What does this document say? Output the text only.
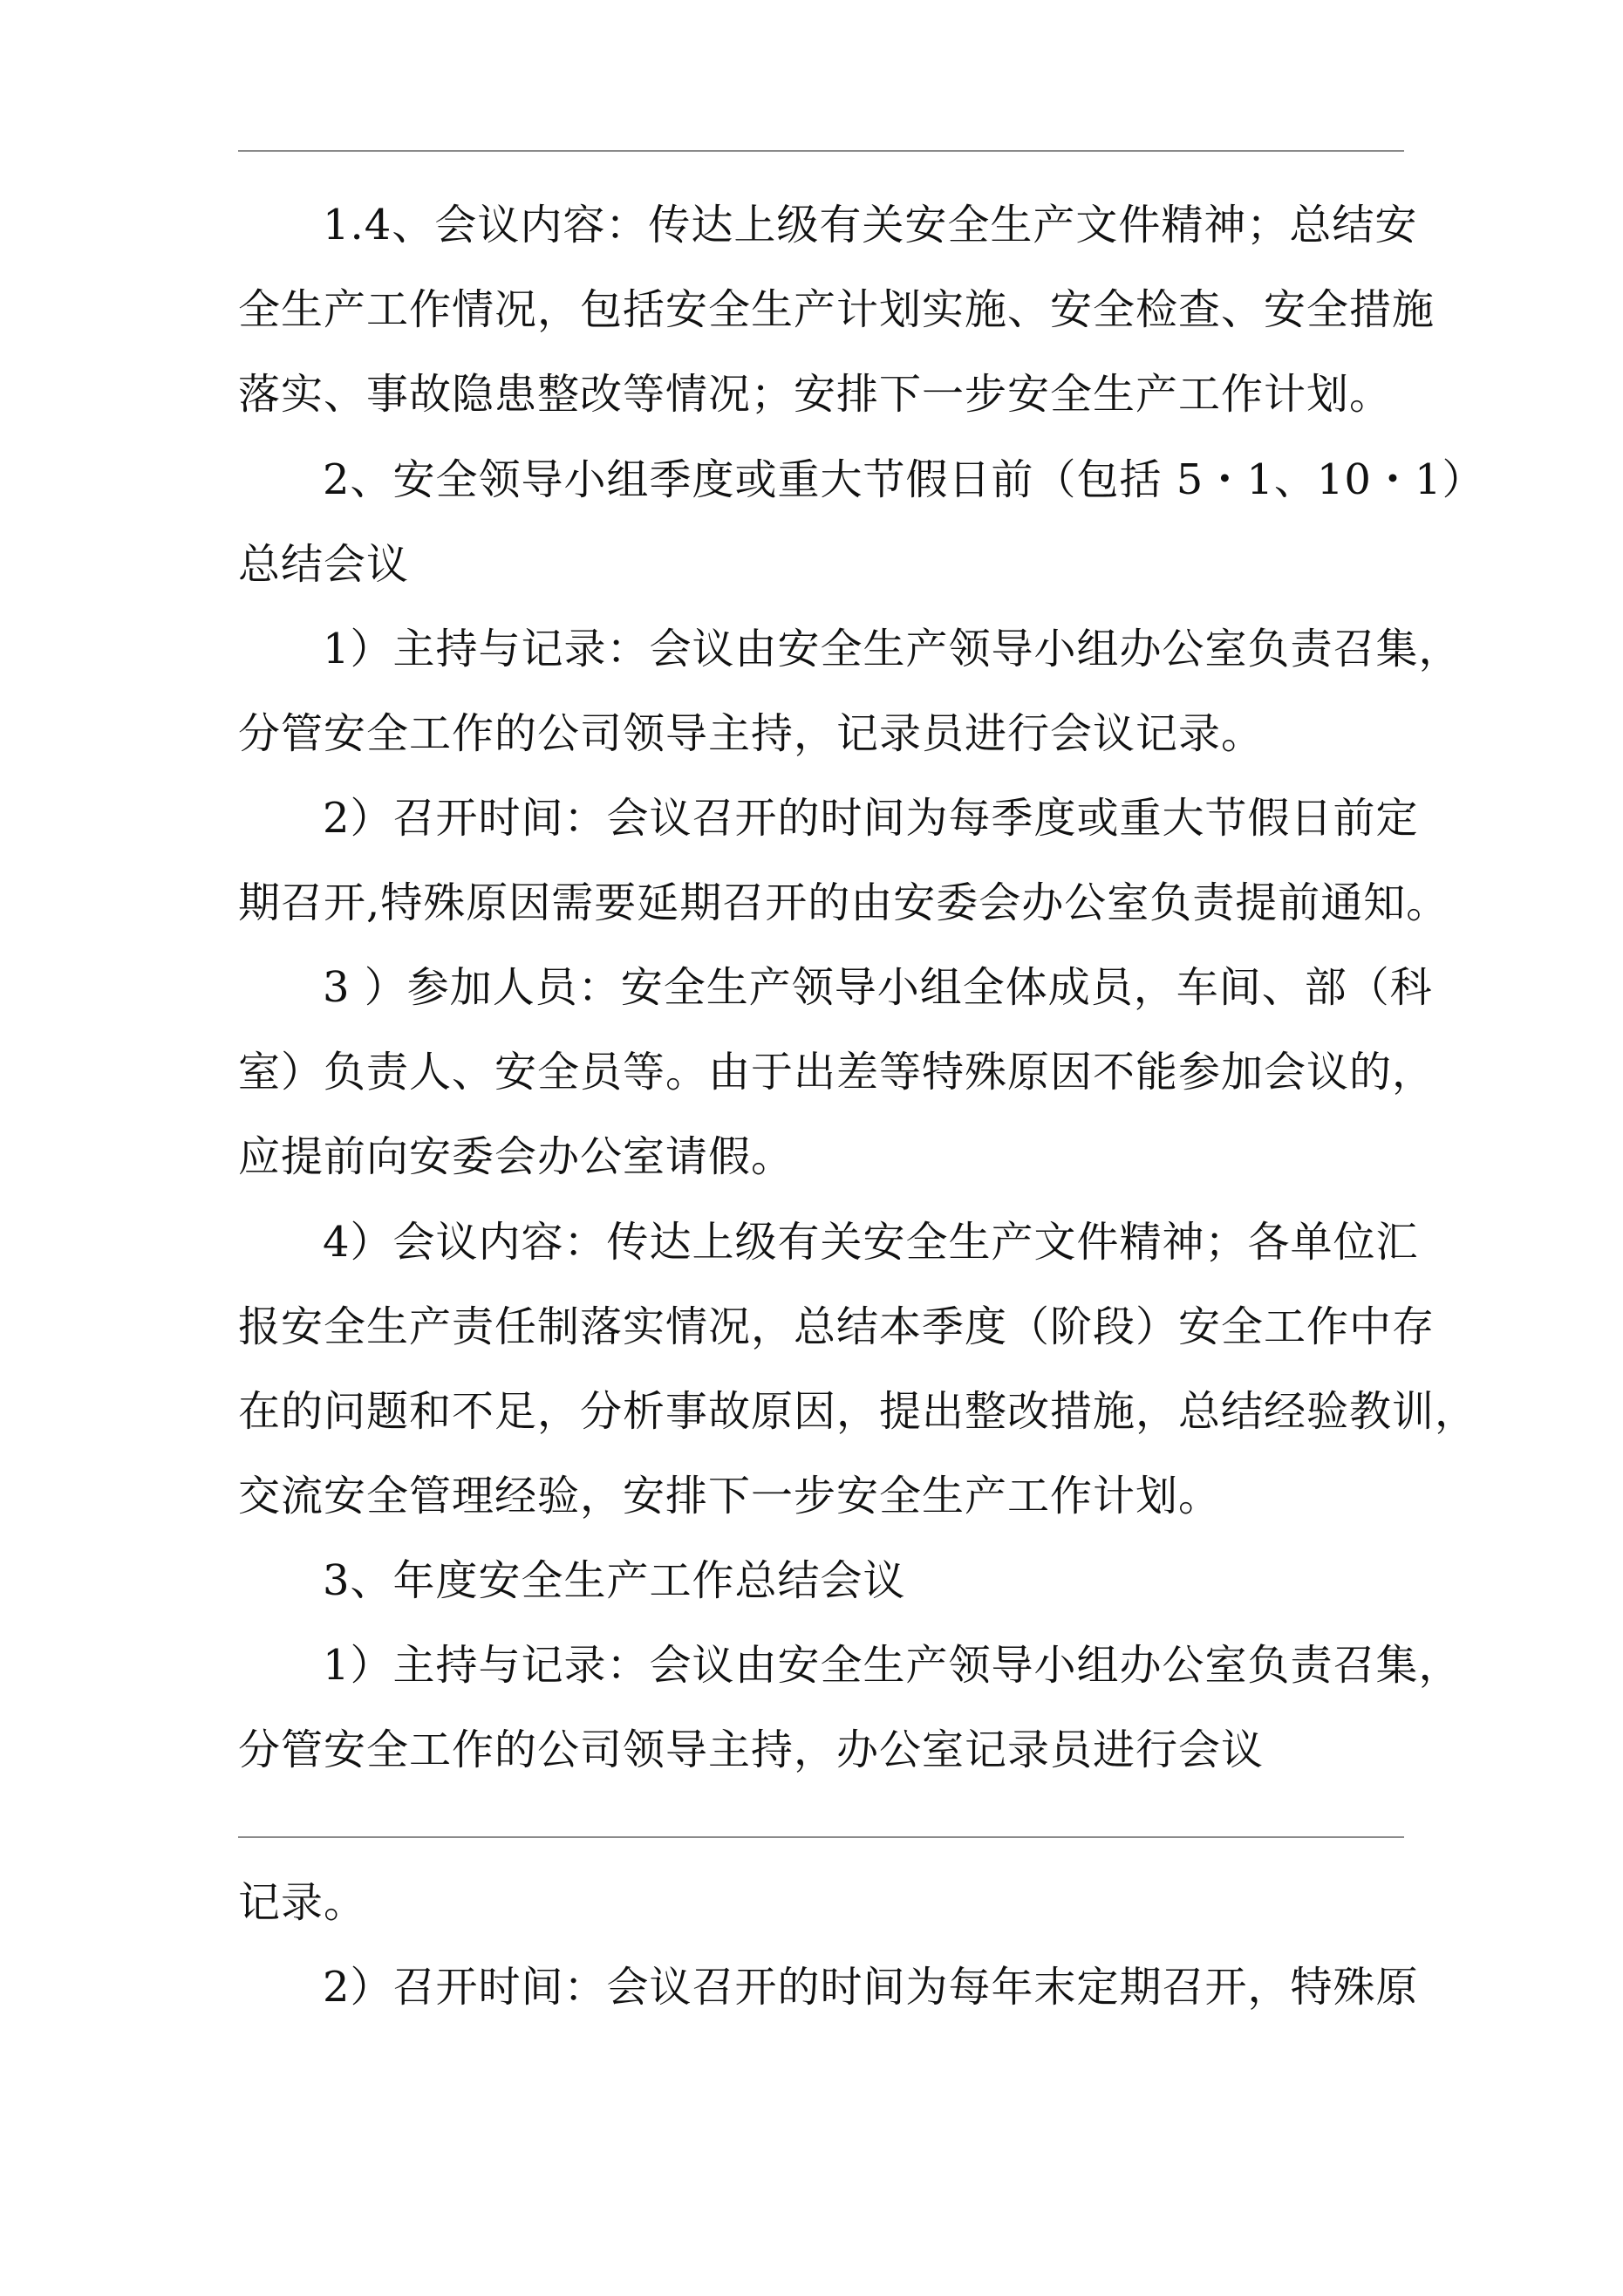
1.4、会议内容：传达上级有关安全生产文件精神；总结安
全生产工作情况，包括安全生产计划实施、安全检查、安全措施
落实、事故隐患整改等情况；安排下一步安全生产工作计划。
2、安全领导小组季度或重大节假日前（包括 5・1、10・1）
总结会议
1）主持与记录：会议由安全生产领导小组办公室负责召集，
分管安全工作的公司领导主持，记录员进行会议记录。
2）召开时间：会议召开的时间为每季度或重大节假日前定
期召开,特殊原因需要延期召开的由安委会办公室负责提前通知。
3 ）参加人员：安全生产领导小组全体成员，车间、部（科
室）负责人、安全员等。由于出差等特殊原因不能参加会议的，
应提前向安委会办公室请假。
4）会议内容：传达上级有关安全生产文件精神；各单位汇
报安全生产责任制落实情况，总结本季度（阶段）安全工作中存
在的问题和不足，分析事故原因，提出整改措施，总结经验教训，
交流安全管理经验，安排下一步安全生产工作计划。
3、年度安全生产工作总结会议
1）主持与记录：会议由安全生产领导小组办公室负责召集，
分管安全工作的公司领导主持，办公室记录员进行会议
记录。
2）召开时间：会议召开的时间为每年末定期召开，特殊原
